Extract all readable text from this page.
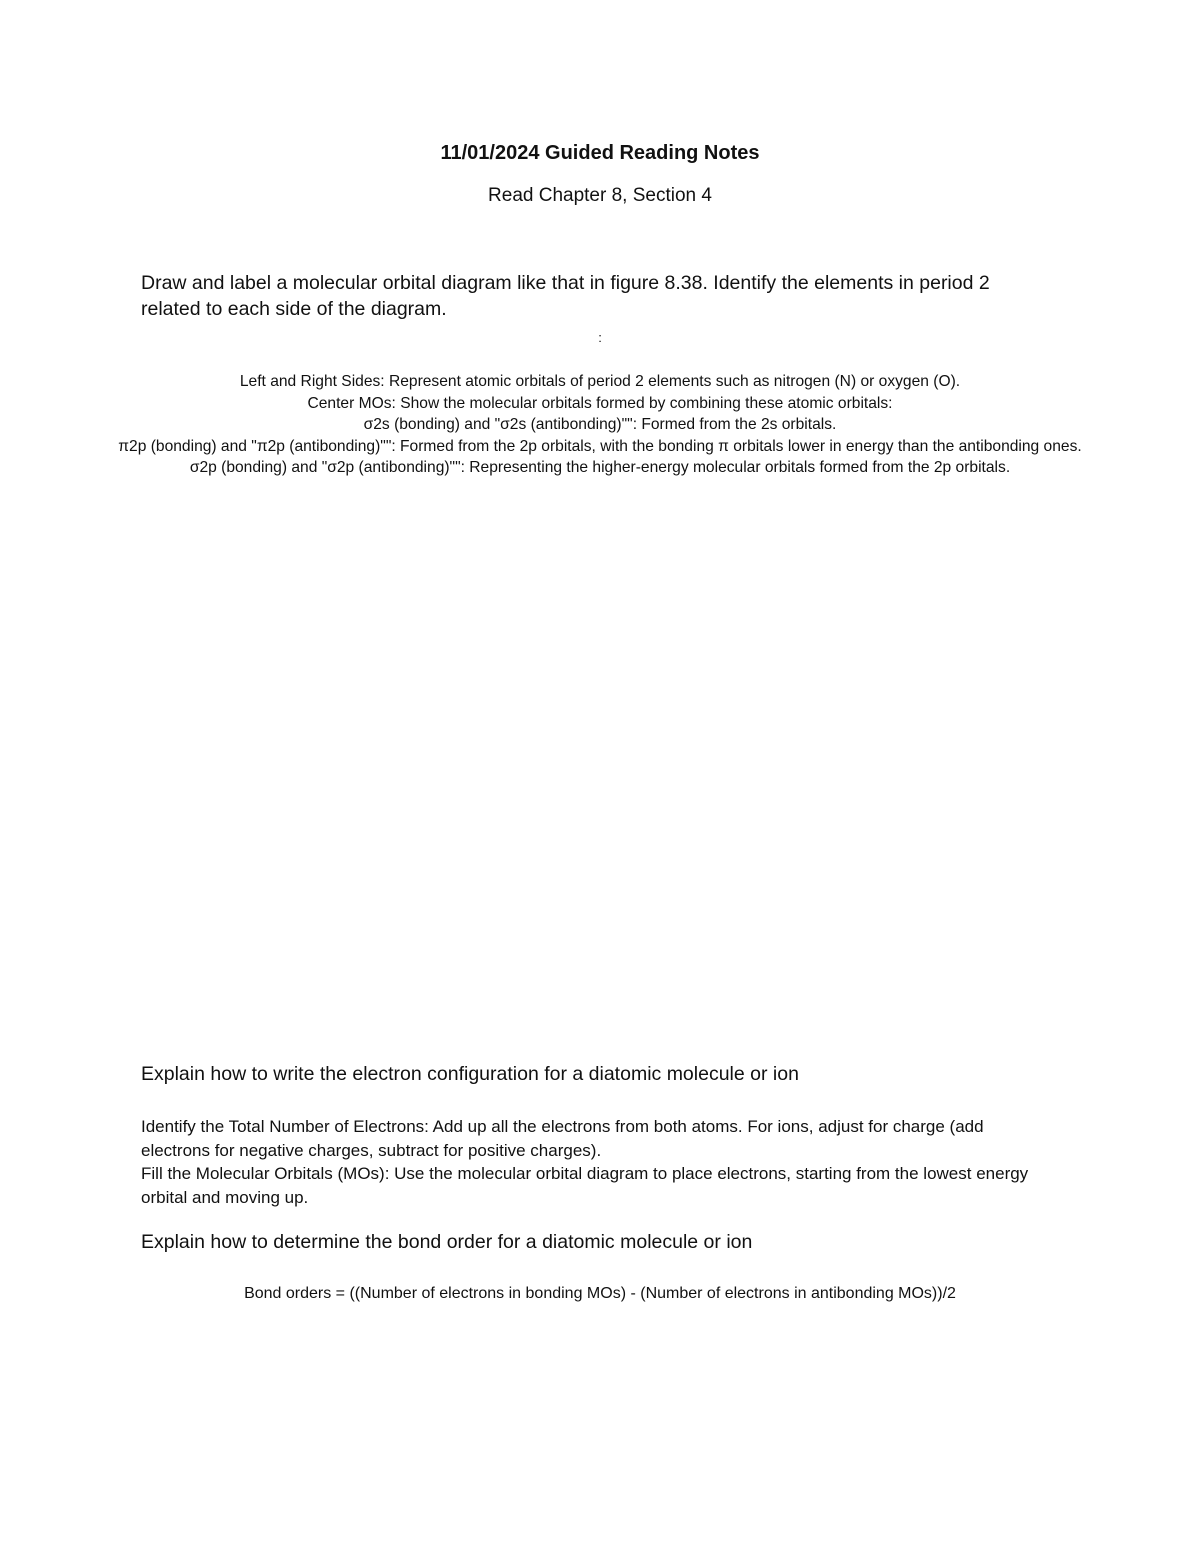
11/01/2024 Guided Reading Notes
Read Chapter 8, Section 4
Draw and label a molecular orbital diagram like that in figure 8.38. Identify the elements in period 2 related to each side of the diagram.
:
Left and Right Sides: Represent atomic orbitals of period 2 elements such as nitrogen (N) or oxygen (O).
Center MOs: Show the molecular orbitals formed by combining these atomic orbitals:
σ2s (bonding) and "σ2s (antibonding)"": Formed from the 2s orbitals.
π2p (bonding) and "π2p (antibonding)"": Formed from the 2p orbitals, with the bonding π orbitals lower in energy than the antibonding ones.
σ2p (bonding) and "σ2p (antibonding)"": Representing the higher-energy molecular orbitals formed from the 2p orbitals.
Explain how to write the electron configuration for a diatomic molecule or ion
Identify the Total Number of Electrons: Add up all the electrons from both atoms. For ions, adjust for charge (add electrons for negative charges, subtract for positive charges).
Fill the Molecular Orbitals (MOs): Use the molecular orbital diagram to place electrons, starting from the lowest energy orbital and moving up.
Explain how to determine the bond order for a diatomic molecule or ion
Bond orders = ((Number of electrons in bonding MOs) - (Number of electrons in antibonding MOs))/2
